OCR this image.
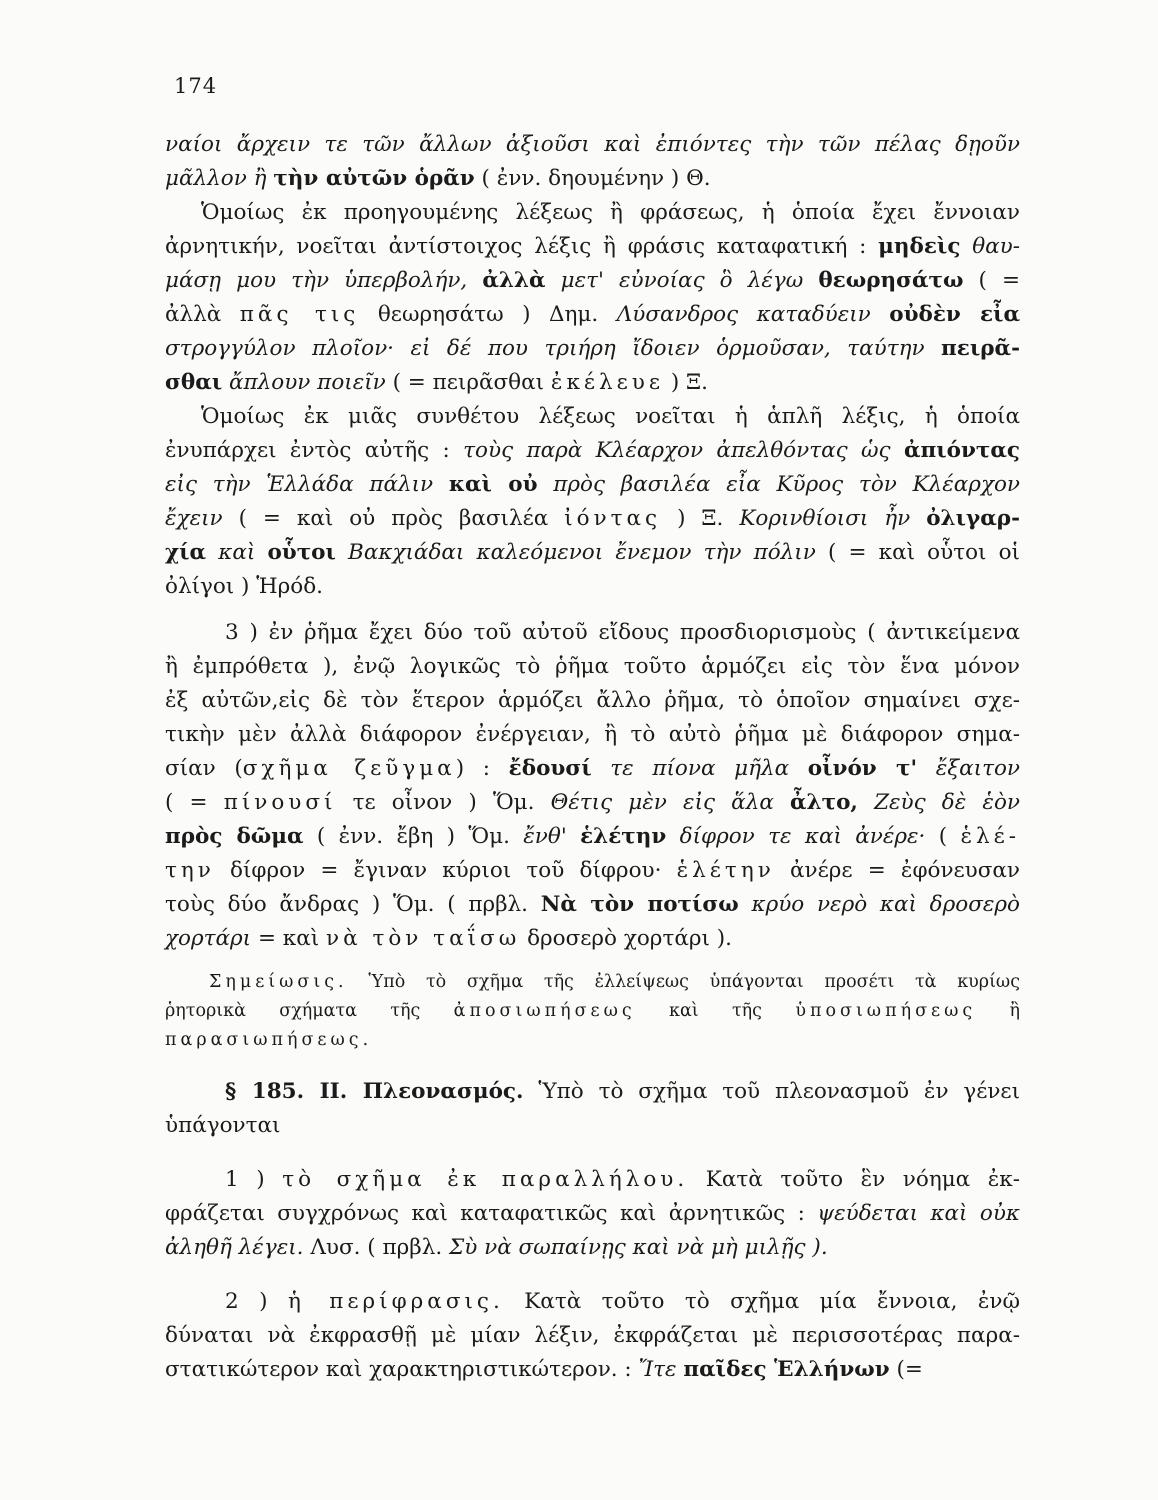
174
ναίοι ἄρχειν τε τῶν ἄλλων ἀξιοῦσι καὶ ἐπιόντες τὴν τῶν πέλας δῃοῦν
μᾶλλον ἢ τὴν αὐτῶν ὁρᾶν ( ἐνν. δηουμένην ) Θ.
Ὁμοίως ἐκ προηγουμένης λέξεως ἢ φράσεως, ἡ ὁποία ἔχει ἔννοιαν
ἀρνητικήν, νοεῖται ἀντίστοιχος λέξις ἢ φράσις καταφατική : μηδεὶς θαυ-
μάσῃ μου τὴν ὑπερβολήν, ἀλλὰ μετ' εὐνοίας ὃ λέγω θεωρησάτω ( =
ἀλλὰ πᾶς τις θεωρησάτω ) Δημ. Λύσανδρος καταδύειν οὐδὲν εἶα
στρογγύλον πλοῖον· εἰ δέ που τριήρη ἴδοιεν ὁρμοῦσαν, ταύτην πειρᾶ-
σθαι ἄπλουν ποιεῖν ( = πειρᾶσθαι ἐκέλευε ) Ξ.
Ὁμοίως ἐκ μιᾶς συνθέτου λέξεως νοεῖται ἡ ἁπλῆ λέξις, ἡ ὁποία
ἐνυπάρχει ἐντὸς αὐτῆς : τοὺς παρὰ Κλέαρχον ἀπελθόντας ὡς ἀπιόντας
εἰς τὴν Ἑλλάδα πάλιν καὶ οὐ πρὸς βασιλέα εἶα Κῦρος τὸν Κλέαρχον
ἔχειν ( = καὶ οὐ πρὸς βασιλέα ἰόντας ) Ξ. Κορινθίοισι ἦν ὀλιγαρ-
χία καὶ οὗτοι Βακχιάδαι καλεόμενοι ἔνεμον τὴν πόλιν ( = καὶ οὗτοι οἱ
ὀλίγοι ) Ἡρόδ.
3 ) ἐν ῥῆμα ἔχει δύο τοῦ αὐτοῦ εἴδους προσδιορισμοὺς ( ἀντικείμενα
ἢ ἐμπρόθετα ), ἐνῷ λογικῶς τὸ ῥῆμα τοῦτο ἁρμόζει εἰς τὸν ἕνα μόνον
ἐξ αὐτῶν,εἰς δὲ τὸν ἕτερον ἁρμόζει ἄλλο ῥῆμα, τὸ ὁποῖον σημαίνει σχε-
τικὴν μὲν ἀλλὰ διάφορον ἐνέργειαν, ἢ τὸ αὐτὸ ῥῆμα μὲ διάφορον σημα-
σίαν (σχῆμα ζεῦγμα) : ἔδουσί τε πίονα μῆλα οἶνόν τ' ἔξαιτον
( = πίνουσί τε οἶνον ) Ὅμ. Θέτις μὲν εἰς ἅλα ἆλτο, Ζεὺς δὲ ἑὸν
πρὸς δῶμα ( ἐνν. ἔβη ) Ὅμ. ἔνθ' ἑλέτην δίφρον τε καὶ ἀνέρε· ( ἑλέ-
την δίφρον = ἔγιναν κύριοι τοῦ δίφρου· ἑλέτην ἀνέρε = ἐφόνευσαν
τοὺς δύο ἄνδρας ) Ὅμ. ( πρβλ. Νὰ τὸν ποτίσω κρύο νερὸ καὶ δροσερὸ
χορτάρι = καὶ νὰ τὸν ταΐσω δροσερὸ χορτάρι ).
Σημείωσις. Ὑπὸ τὸ σχῆμα τῆς ἐλλείψεως ὑπάγονται προσέτι τὰ κυρίως
ῥητορικὰ σχήματα τῆς ἀποσιωπήσεως καὶ τῆς ὑποσιωπήσεως ἢ
παρασιωπήσεως.
§ 185. ΙΙ. Πλεονασμός. Ὑπὸ τὸ σχῆμα τοῦ πλεονασμοῦ ἐν γένει
ὑπάγονται
1 ) τὸ σχῆμα ἐκ παραλλήλου. Κατὰ τοῦτο ἓν νόημα ἐκ-
φράζεται συγχρόνως καὶ καταφατικῶς καὶ ἀρνητικῶς : ψεύδεται καὶ οὐκ
ἀληθῆ λέγει. Λυσ. ( πρβλ. Σὺ νὰ σωπαίνῃς καὶ νὰ μὴ μιλῇς ).
2 ) ἡ περίφρασις. Κατὰ τοῦτο τὸ σχῆμα μία ἔννοια, ἐνῷ
δύναται νὰ ἐκφρασθῇ μὲ μίαν λέξιν, ἐκφράζεται μὲ περισσοτέρας παρα-
στατικώτερον καὶ χαρακτηριστικώτερον. : Ἴτε παῖδες Ἑλλήνων (=
